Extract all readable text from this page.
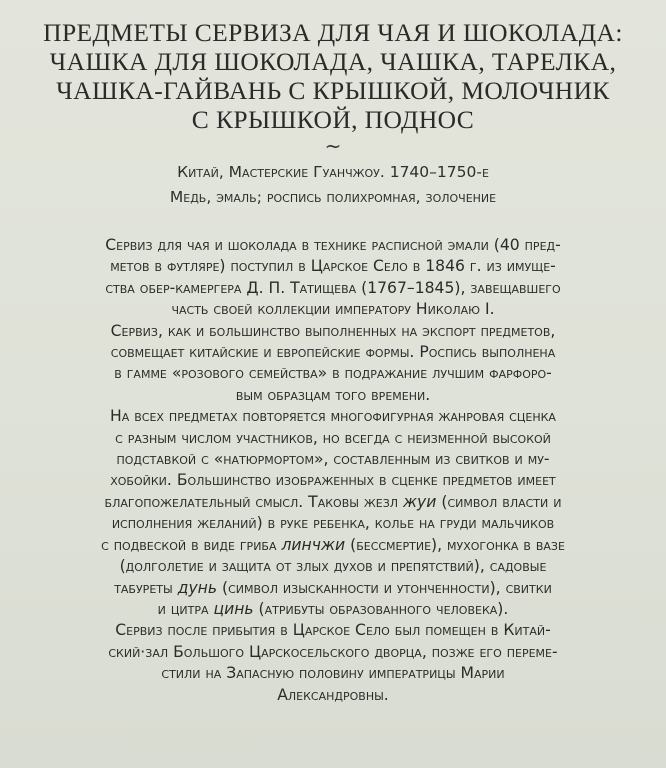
ПРЕДМЕТЫ СЕРВИЗА ДЛЯ ЧАЯ И ШОКОЛАДА:
ЧАШКА ДЛЯ ШОКОЛАДА, ЧАШКА, ТАРЕЛКА,
ЧАШКА-ГАЙВАНЬ С КРЫШКОЙ, МОЛОЧНИК
С КРЫШКОЙ, ПОДНОС
~
Китай, Мастерские Гуанчжоу. 1740–1750-е
Медь, эмаль; роспись полихромная, золочение
Сервиз для чая и шоколада в технике расписной эмали (40 пред-
метов в футляре) поступил в Царское Село в 1846 г. из имуще-
ства обер-камергера Д. П. Татищева (1767–1845), завещавшего
часть своей коллекции императору Николаю I.
Сервиз, как и большинство выполненных на экспорт предметов,
совмещает китайские и европейские формы. Роспись выполнена
в гамме «розового семейства» в подражание лучшим фарфоро-
вым образцам того времени.
На всех предметах повторяется многофигурная жанровая сценка
с разным числом участников, но всегда с неизменной высокой
подставкой с «натюрмортом», составленным из свитков и му-
хобойки. Большинство изображенных в сценке предметов имеет
благопожелательный смысл. Таковы жезл жуи (символ власти и
исполнения желаний) в руке ребенка, колье на груди мальчиков
с подвеской в виде гриба линчжи (бессмертие), мухогонка в вазе
(долголетие и защита от злых духов и препятствий), садовые
табуреты дунь (символ изысканности и утонченности), свитки
и цитра цинь (атрибуты образованного человека).
Сервиз после прибытия в Царское Село был помещен в Китай-
ский·зал Большого Царскосельского дворца, позже его переме-
стили на Запасную половину императрицы Марии
Александровны.
